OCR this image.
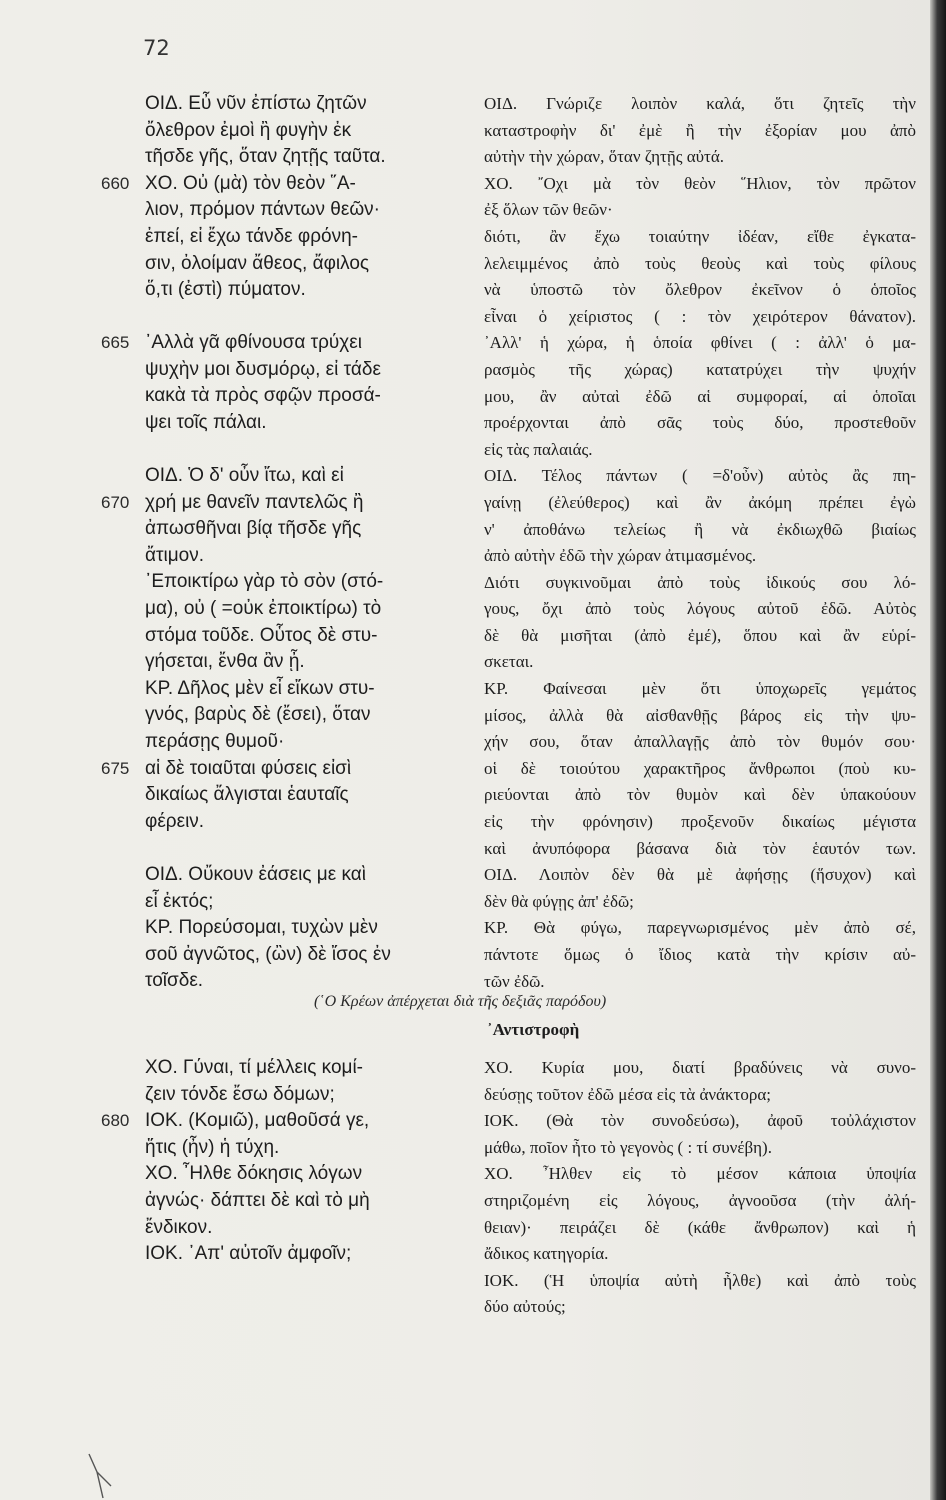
72
ΟΙΔ. Εὖ νῦν ἐπίστω ζητῶν
ὄλεθρον ἐμοὶ ἢ φυγὴν ἐκ
τῆσδε γῆς, ὅταν ζητῇς ταῦτα.
ΧΟ. Οὐ (μὰ) τὸν θεὸν ῞Α-
660
λιον, πρόμον πάντων θεῶν·
ἐπεί, εἰ ἔχω τάνδε φρόνη-
σιν, ὀλοίμαν ἄθεος, ἄφιλος
ὅ,τι (ἐστὶ) πύματον.
᾿Αλλὰ γᾶ φθίνουσα τρύχει
665
ψυχὴν μοι δυσμόρῳ, εἰ τάδε
κακὰ τὰ πρὸς σφῷν προσά-
ψει τοῖς πάλαι.
ΟΙΔ. Ὁ δ' οὖν ἴτω, καὶ εἰ
χρή με θανεῖν παντελῶς ἢ
670
ἀπωσθῆναι βίᾳ τῆσδε γῆς
ἄτιμον.
᾿Εποικτίρω γὰρ τὸ σὸν (στό-
μα), οὐ ( =οὐκ ἐποικτίρω) τὸ
στόμα τοῦδε. Οὗτος δὲ στυ-
γήσεται, ἔνθα ἂν ᾖ.
ΚΡ. Δῆλος μὲν εἶ εἴκων στυ-
γνός, βαρὺς δὲ (ἔσει), ὅταν
περάσῃς θυμοῦ·
αἱ δὲ τοιαῦται φύσεις εἰσὶ
675
δικαίως ἄλγισται ἑαυταῖς
φέρειν.
ΟΙΔ. Οὔκουν ἐάσεις με καὶ
εἶ ἐκτός;
ΚΡ. Πορεύσομαι, τυχὼν μὲν
σοῦ ἀγνῶτος, (ὢν) δὲ ἴσος ἐν
τοῖσδε.
ΧΟ. Γύναι, τί μέλλεις κομί-
ζειν τόνδε ἔσω δόμων;
ΙΟΚ. (Κομιῶ), μαθοῦσά γε,
680
ἥτις (ἦν) ἡ τύχη.
ΧΟ. ῏Ηλθε δόκησις λόγων
ἀγνώς· δάπτει δὲ καὶ τὸ μὴ
ἔνδικον.
ΙΟΚ. ᾿Απ' αὐτοῖν ἀμφοῖν;
ΟΙΔ. Γνώριζε λοιπὸν καλά, ὅτι ζητεῖς τὴν
καταστροφὴν δι' ἐμὲ ἢ τὴν ἐξορίαν μου ἀπὸ
αὐτὴν τὴν χώραν, ὅταν ζητῇς αὐτά.
ΧΟ. ῎Οχι μὰ τὸν θεὸν ῞Ηλιον, τὸν πρῶτον
ἐξ ὅλων τῶν θεῶν·
διότι, ἂν ἔχω τοιαύτην ἰδέαν, εἴθε ἐγκατα-
λελειμμένος ἀπὸ τοὺς θεοὺς καὶ τοὺς φίλους
νὰ ὑποστῶ τὸν ὄλεθρον ἐκεῖνον ὁ ὁποῖος
εἶναι ὁ χείριστος ( : τὸν χειρότερον θάνατον).
᾿Αλλ' ἡ χώρα, ἡ ὁποία φθίνει ( : ἀλλ' ὁ μα-
ρασμὸς τῆς χώρας) κατατρύχει τὴν ψυχήν
μου, ἂν αὐταὶ ἐδῶ αἱ συμφοραί, αἱ ὁποῖαι
προέρχονται ἀπὸ σᾶς τοὺς δύο, προστεθοῦν
εἰς τὰς παλαιάς.
ΟΙΔ. Τέλος πάντων ( =δ'οὖν) αὐτὸς ἂς πη-
γαίνῃ (ἐλεύθερος) καὶ ἂν ἀκόμη πρέπει ἐγὼ
ν' ἀποθάνω τελείως ἢ νὰ ἐκδιωχθῶ βιαίως
ἀπὸ αὐτὴν ἐδῶ τὴν χώραν ἀτιμασμένος.
Διότι συγκινοῦμαι ἀπὸ τοὺς ἰδικούς σου λό-
γους, ὄχι ἀπὸ τοὺς λόγους αὐτοῦ ἐδῶ. Αὐτὸς
δὲ θὰ μισῆται (ἀπὸ ἐμέ), ὅπου καὶ ἂν εὑρί-
σκεται.
ΚΡ. Φαίνεσαι μὲν ὅτι ὑποχωρεῖς γεμάτος
μίσος, ἀλλὰ θὰ αἰσθανθῇς βάρος εἰς τὴν ψυ-
χήν σου, ὅταν ἀπαλλαγῇς ἀπὸ τὸν θυμόν σου·
οἱ δὲ τοιούτου χαρακτῆρος ἄνθρωποι (ποὺ κυ-
ριεύονται ἀπὸ τὸν θυμὸν καὶ δὲν ὑπακούουν
εἰς τὴν φρόνησιν) προξενοῦν δικαίως μέγιστα
καὶ ἀνυπόφορα βάσανα διὰ τὸν ἑαυτόν των.
ΟΙΔ. Λοιπὸν δὲν θὰ μὲ ἀφήσῃς (ἥσυχον) καὶ
δὲν θὰ φύγῃς ἀπ' ἐδῶ;
ΚΡ. Θὰ φύγω, παρεγνωρισμένος μὲν ἀπὸ σέ,
πάντοτε ὅμως ὁ ἴδιος κατὰ τὴν κρίσιν αὐ-
τῶν ἐδῶ.
ΧΟ. Κυρία μου, διατί βραδύνεις νὰ συνο-
δεύσῃς τοῦτον ἐδῶ μέσα εἰς τὰ ἀνάκτορα;
ΙΟΚ. (Θὰ τὸν συνοδεύσω), ἀφοῦ τοὐλάχιστον
μάθω, ποῖον ἦτο τὸ γεγονὸς ( : τί συνέβη).
ΧΟ. ῏Ηλθεν εἰς τὸ μέσον κάποια ὑποψία
στηριζομένη εἰς λόγους, ἀγνοοῦσα (τὴν ἀλή-
θειαν)· πειράζει δὲ (κάθε ἄνθρωπον) καὶ ἡ
ἄδικος κατηγορία.
ΙΟΚ. (Ἡ ὑποψία αὐτὴ ἦλθε) καὶ ἀπὸ τοὺς
δύο αὐτούς;
(῾Ο Κρέων ἀπέρχεται διὰ τῆς δεξιᾶς παρόδου)
᾿Αντιστροφὴ
